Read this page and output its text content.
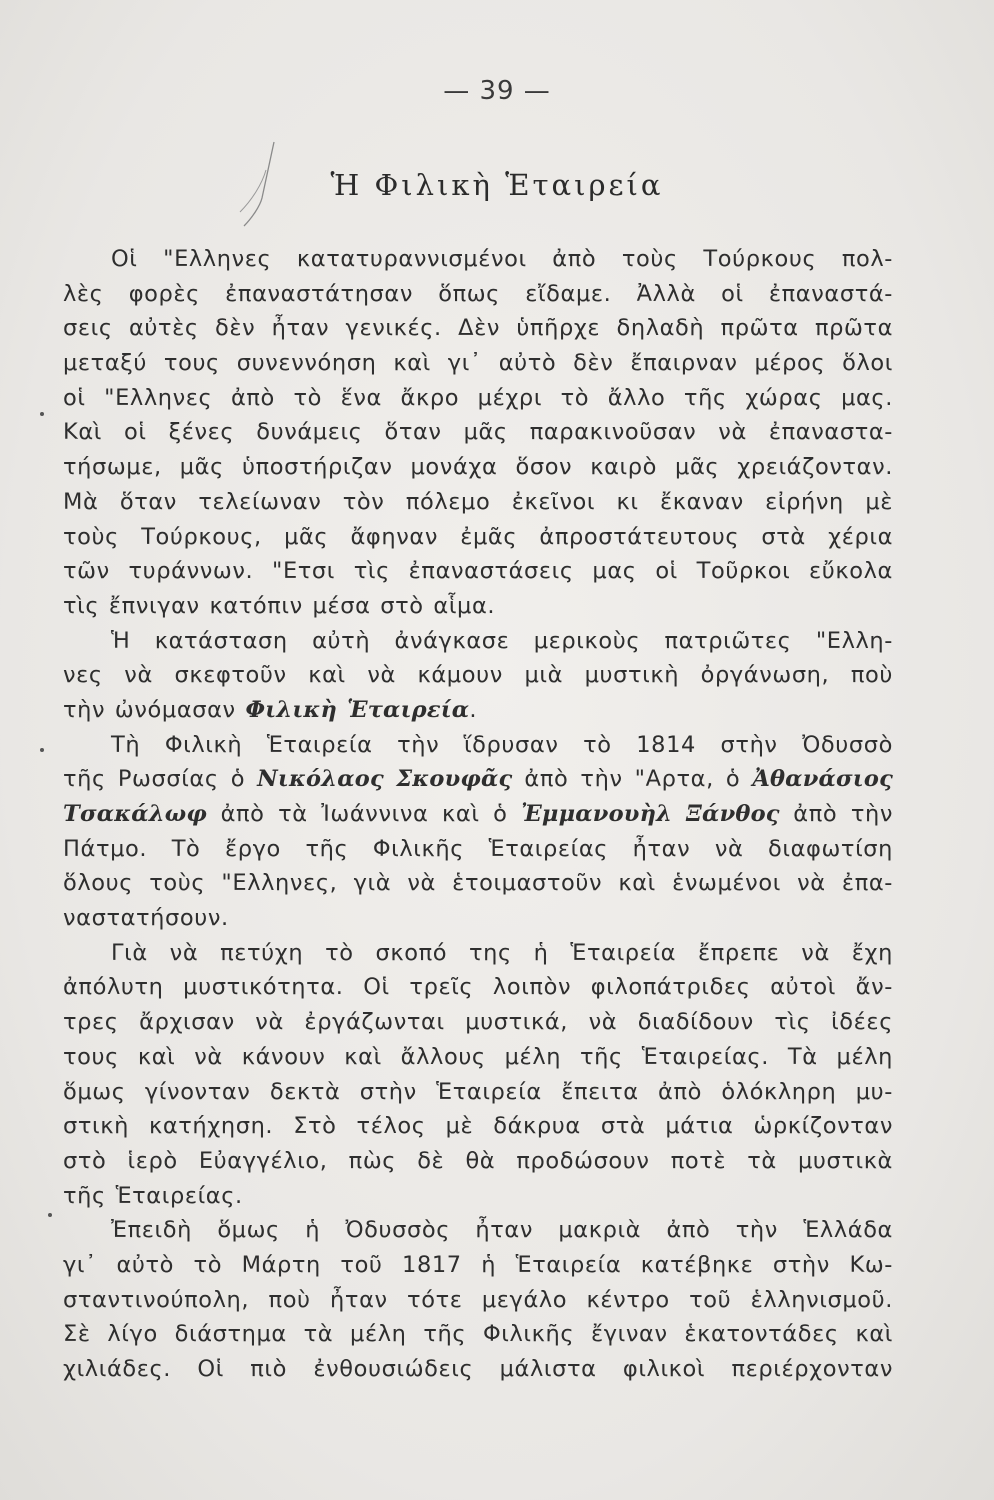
— 39 —
Ἡ Φιλικὴ Ἑταιρεία
Οἱ "Ελληνες κατατυραννισμένοι ἀπὸ τοὺς Τούρκους πολ-
λὲς φορὲς ἐπαναστάτησαν ὅπως εἴδαμε. Ἀλλὰ οἱ ἐπαναστά-
σεις αὐτὲς δὲν ἦταν γενικές. Δὲν ὑπῆρχε δηλαδὴ πρῶτα πρῶτα
μεταξύ τους συνεννόηση καὶ γι᾽ αὐτὸ δὲν ἔπαιρναν μέρος ὅλοι
οἱ "Ελληνες ἀπὸ τὸ ἕνα ἄκρο μέχρι τὸ ἄλλο τῆς χώρας μας.
Καὶ οἱ ξένες δυνάμεις ὅταν μᾶς παρακινοῦσαν νὰ ἐπαναστα-
τήσωμε, μᾶς ὑποστήριζαν μονάχα ὅσον καιρὸ μᾶς χρειάζονταν.
Μὰ ὅταν τελείωναν τὸν πόλεμο ἐκεῖνοι κι ἔκαναν εἰρήνη μὲ
τοὺς Τούρκους, μᾶς ἄφηναν ἐμᾶς ἀπροστάτευτους στὰ χέρια
τῶν τυράννων. "Ετσι τὶς ἐπαναστάσεις μας οἱ Τοῦρκοι εὔκολα
τὶς ἔπνιγαν κατόπιν μέσα στὸ αἷμα.
Ἡ κατάσταση αὐτὴ ἀνάγκασε μερικοὺς πατριῶτες "Ελλη-
νες νὰ σκεφτοῦν καὶ νὰ κάμουν μιὰ μυστικὴ ὀργάνωση, ποὺ
τὴν ὠνόμασαν Φιλικὴ Ἑταιρεία.
Τὴ Φιλικὴ Ἑταιρεία τὴν ἵδρυσαν τὸ 1814 στὴν Ὀδυσσὸ
τῆς Ρωσσίας ὁ Νικόλαος Σκουφᾶς ἀπὸ τὴν "Αρτα, ὁ Ἀθανάσιος
Τσακάλωφ ἀπὸ τὰ Ἰωάννινα καὶ ὁ Ἐμμανουὴλ Ξάνθος ἀπὸ τὴν
Πάτμο. Τὸ ἔργο τῆς Φιλικῆς Ἑταιρείας ἦταν νὰ διαφωτίση
ὅλους τοὺς "Ελληνες, γιὰ νὰ ἑτοιμαστοῦν καὶ ἑνωμένοι νὰ ἐπα-
ναστατήσουν.
Γιὰ νὰ πετύχη τὸ σκοπό της ἡ Ἑταιρεία ἔπρεπε νὰ ἔχη
ἀπόλυτη μυστικότητα. Οἱ τρεῖς λοιπὸν φιλοπάτριδες αὐτοὶ ἄν-
τρες ἄρχισαν νὰ ἐργάζωνται μυστικά, νὰ διαδίδουν τὶς ἰδέες
τους καὶ νὰ κάνουν καὶ ἄλλους μέλη τῆς Ἑταιρείας. Τὰ μέλη
ὅμως γίνονταν δεκτὰ στὴν Ἑταιρεία ἔπειτα ἀπὸ ὁλόκληρη μυ-
στικὴ κατήχηση. Στὸ τέλος μὲ δάκρυα στὰ μάτια ὡρκίζονταν
στὸ ἱερὸ Εὐαγγέλιο, πὼς δὲ θὰ προδώσουν ποτὲ τὰ μυστικὰ
τῆς Ἑταιρείας.
Ἐπειδὴ ὅμως ἡ Ὀδυσσὸς ἦταν μακριὰ ἀπὸ τὴν Ἑλλάδα
γι᾽ αὐτὸ τὸ Μάρτη τοῦ 1817 ἡ Ἑταιρεία κατέβηκε στὴν Κω-
σταντινούπολη, ποὺ ἦταν τότε μεγάλο κέντρο τοῦ ἑλληνισμοῦ.
Σὲ λίγο διάστημα τὰ μέλη τῆς Φιλικῆς ἔγιναν ἑκατοντάδες καὶ
χιλιάδες. Οἱ πιὸ ἐνθουσιώδεις μάλιστα φιλικοὶ περιέρχονταν
